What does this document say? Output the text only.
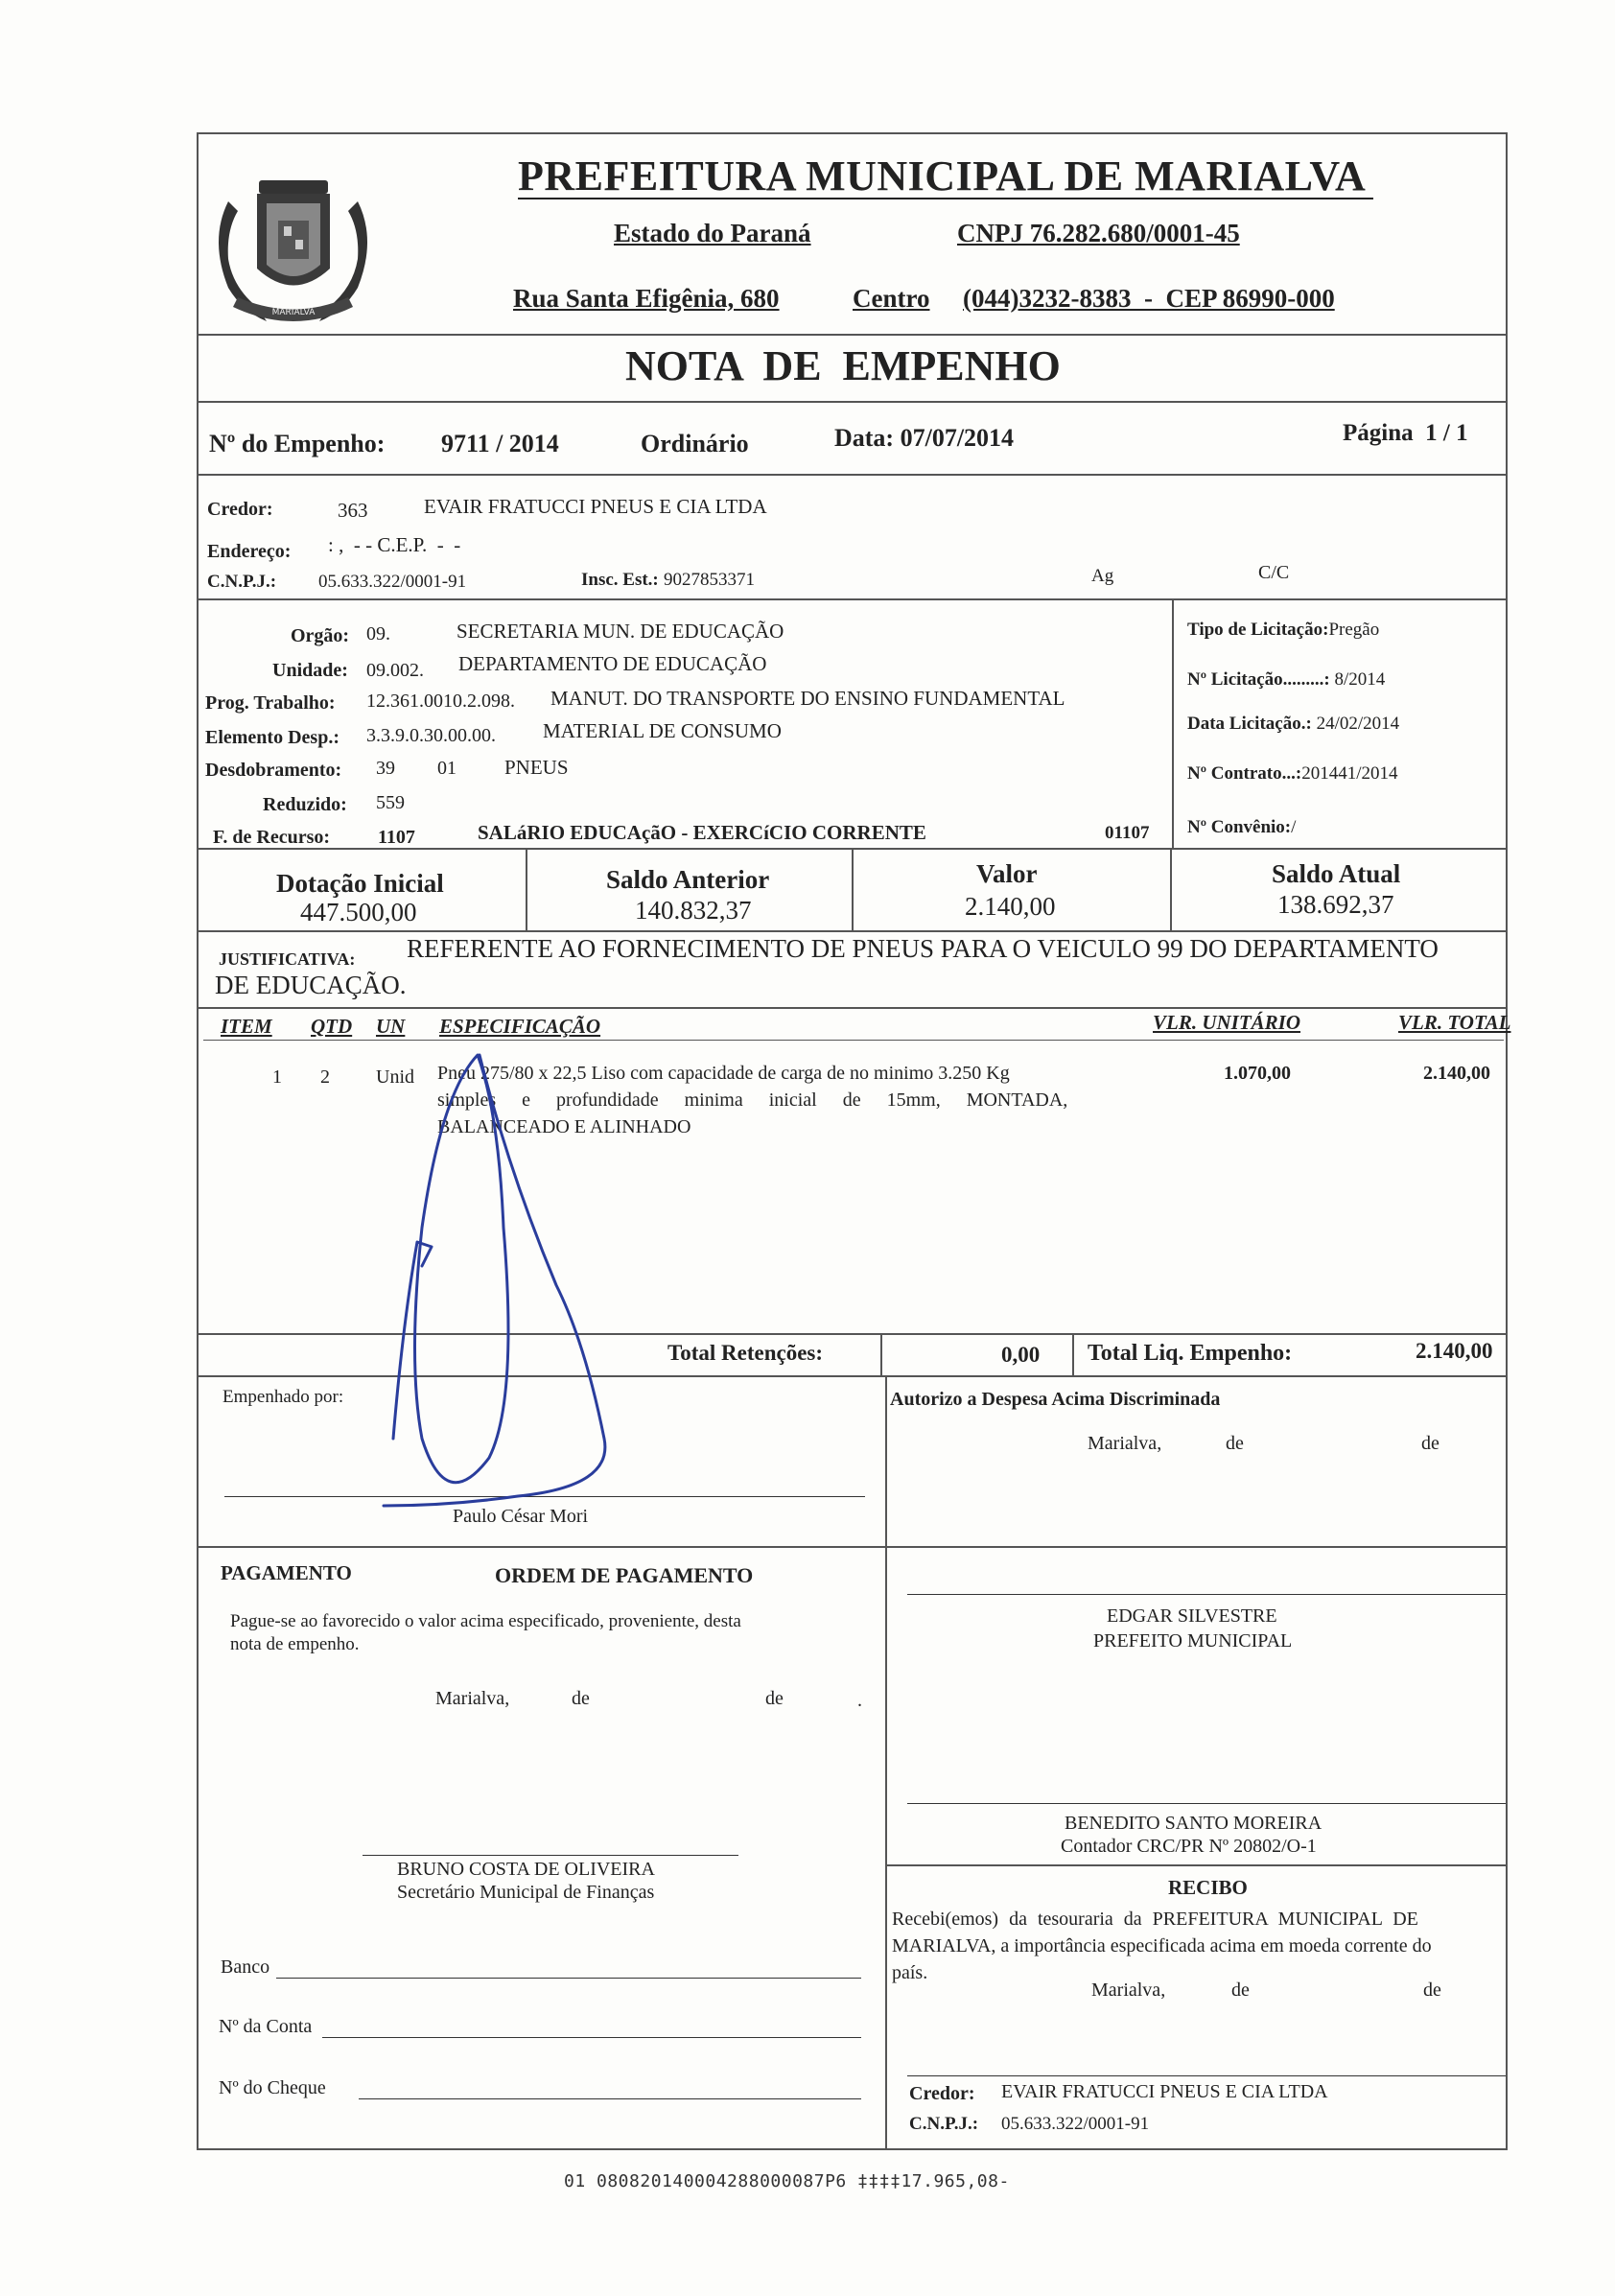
MARIALVA
PREFEITURA MUNICIPAL DE MARIALVA
Estado do Paraná	CNPJ 76.282.680/0001-45
Rua Santa Efigênia, 680	Centro (044)3232-8383  -  CEP 86990-000
NOTA  DE  EMPENHO
Nº do Empenho: 9711 / 2014	Ordinário	Data: 07/07/2014	Página  1 / 1
Credor:	363	EVAIR FRATUCCI PNEUS E CIA LTDA
Endereço: : ,  - - C.E.P.  -  -
C.N.P.J.: 05.633.322/0001-91	Insc. Est.: 9027853371	Ag	C/C
Orgão: 09.	SECRETARIA MUN. DE EDUCAÇÃO
Unidade: 09.002. DEPARTAMENTO DE EDUCAÇÃO
Prog. Trabalho: 12.361.0010.2.098. MANUT. DO TRANSPORTE DO ENSINO FUNDAMENTAL
Elemento Desp.: 3.3.9.0.30.00.00. MATERIAL DE CONSUMO
Desdobramento: 39 01 PNEUS
Reduzido: 559
F. de Recurso: 1107	SALáRIO EDUCAçãO - EXERCíCIO CORRENTE	01107
Tipo de Licitação:Pregão
Nº Licitação.........: 8/2014
Data Licitação.: 24/02/2014
Nº Contrato...:201441/2014
Nº Convênio:/
Dotação Inicial
447.500,00
Saldo Anterior
140.832,37
Valor
2.140,00
Saldo Atual
138.692,37
JUSTIFICATIVA: REFERENTE AO FORNECIMENTO DE PNEUS PARA O VEICULO 99 DO DEPARTAMENTO
DE EDUCAÇÃO.
ITEM QTD UN ESPECIFICAÇÃO	VLR. UNITÁRIO	VLR. TOTAL
1 2 Unid Pneu 275/80 x 22,5 Liso com capacidade de carga de no minimo 3.250 Kg
simples e profundidade minima inicial de 15mm, MONTADA,
BALANCEADO E ALINHADO
1.070,00	2.140,00
Total Retenções:	0,00 Total Liq. Empenho:	2.140,00
Empenhado por:
Paulo César Mori
Autorizo a Despesa Acima Discriminada
Marialva,	de	de
EDGAR SILVESTRE
PREFEITO MUNICIPAL
BENEDITO SANTO MOREIRA
Contador CRC/PR Nº 20802/O-1
PAGAMENTO	ORDEM DE PAGAMENTO
Pague-se ao favorecido o valor acima especificado, proveniente, desta
nota de empenho.
Marialva,	de	de	.
BRUNO COSTA DE OLIVEIRA
Secretário Municipal de Finanças
Banco
Nº da Conta
Nº do Cheque
RECIBO
Recebi(emos) da tesouraria da PREFEITURA MUNICIPAL DE
MARIALVA, a importância especificada acima em moeda corrente do
país.
Marialva,	de	de
Credor: EVAIR FRATUCCI PNEUS E CIA LTDA
C.N.P.J.: 05.633.322/0001-91
01 080820140004288000087P6 ‡‡‡‡17.965,08-
